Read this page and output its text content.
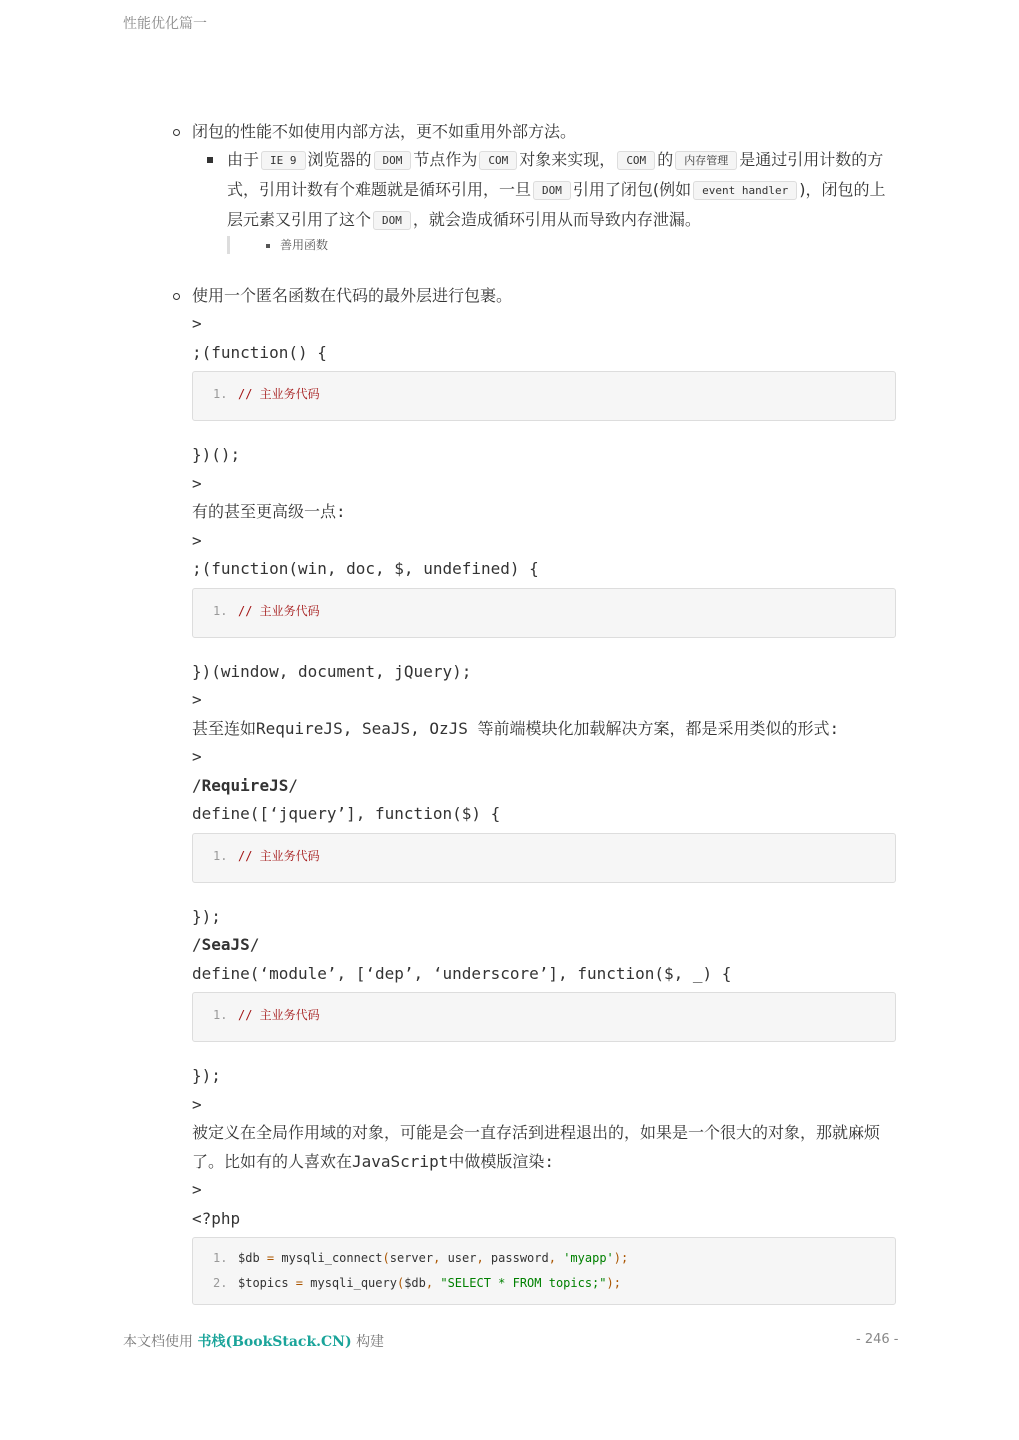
性能优化篇一
闭包的性能不如使用内部方法，更不如重用外部方法。
由于 IE 9 浏览器的 DOM 节点作为 COM 对象来实现， COM 的 内存管理 是通过引用计数的方式，引用计数有个难题就是循环引用，一旦 DOM 引用了闭包(例如 event handler )，闭包的上层元素又引用了这个 DOM ，就会造成循环引用从而导致内存泄漏。
善用函数
使用一个匿名函数在代码的最外层进行包裹。
>
;(function() {
1. // 主业务代码
})();
>
有的甚至更高级一点:
>
;(function(win, doc, $, undefined) {
1. // 主业务代码
})(window, document, jQuery);
>
甚至连如RequireJS, SeaJS, OzJS 等前端模块化加载解决方案，都是采用类似的形式:
>
/RequireJS/
define([‘jquery’], function($) {
1. // 主业务代码
});
/SeaJS/
define(‘module’, [‘dep’, ‘underscore’], function($, _) {
1. // 主业务代码
});
>
被定义在全局作用域的对象，可能是会一直存活到进程退出的，如果是一个很大的对象，那就麻烦了。比如有的人喜欢在JavaScript中做模版渲染:
>
<?php
1. $db = mysqli_connect(server, user, password, 'myapp');
2. $topics = mysqli_query($db, "SELECT * FROM topics;");
本文档使用 书栈(BookStack.CN) 构建	- 246 -
